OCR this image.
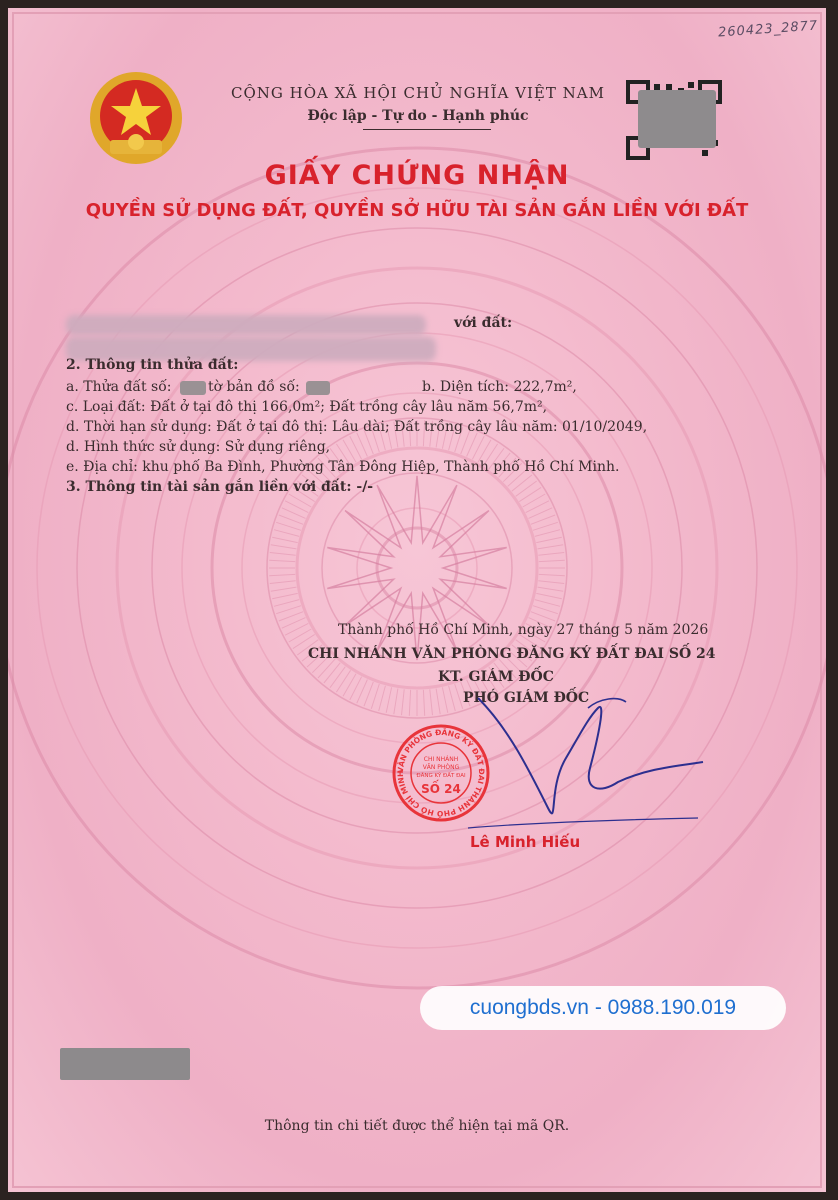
260423_2877
CỘNG HÒA XÃ HỘI CHỦ NGHĨA VIỆT NAM
Độc lập - Tự do - Hạnh phúc
GIẤY CHỨNG NHẬN
QUYỀN SỬ DỤNG ĐẤT, QUYỀN SỞ HỮU TÀI SẢN GẮN LIỀN VỚI ĐẤT
với đất:
2. Thông tin thửa đất:
a. Thửa đất số:	tờ bản đồ số:	b. Diện tích: 222,7m²,
c. Loại đất: Đất ở tại đô thị 166,0m²; Đất trồng cây lâu năm 56,7m²,
d. Thời hạn sử dụng: Đất ở tại đô thị: Lâu dài; Đất trồng cây lâu năm: 01/10/2049,
d. Hình thức sử dụng: Sử dụng riêng,
e. Địa chỉ: khu phố Ba Đình, Phường Tân Đông Hiệp, Thành phố Hồ Chí Minh.
3. Thông tin tài sản gắn liền với đất: -/-
Thành phố Hồ Chí Minh, ngày 27 tháng 5 năm 2026
CHI NHÁNH VĂN PHÒNG ĐĂNG KÝ ĐẤT ĐAI SỐ 24
KT. GIÁM ĐỐC
PHÓ GIÁM ĐỐC
VĂN PHÒNG ĐĂNG KÝ ĐẤT ĐAI THÀNH PHỐ HỒ CHÍ MINH
CHI NHÁNH
VĂN PHÒNG
ĐĂNG KÝ ĐẤT ĐAI
SỐ 24
Lê Minh Hiếu
cuongbds.vn - 0988.190.019
Thông tin chi tiết được thể hiện tại mã QR.
